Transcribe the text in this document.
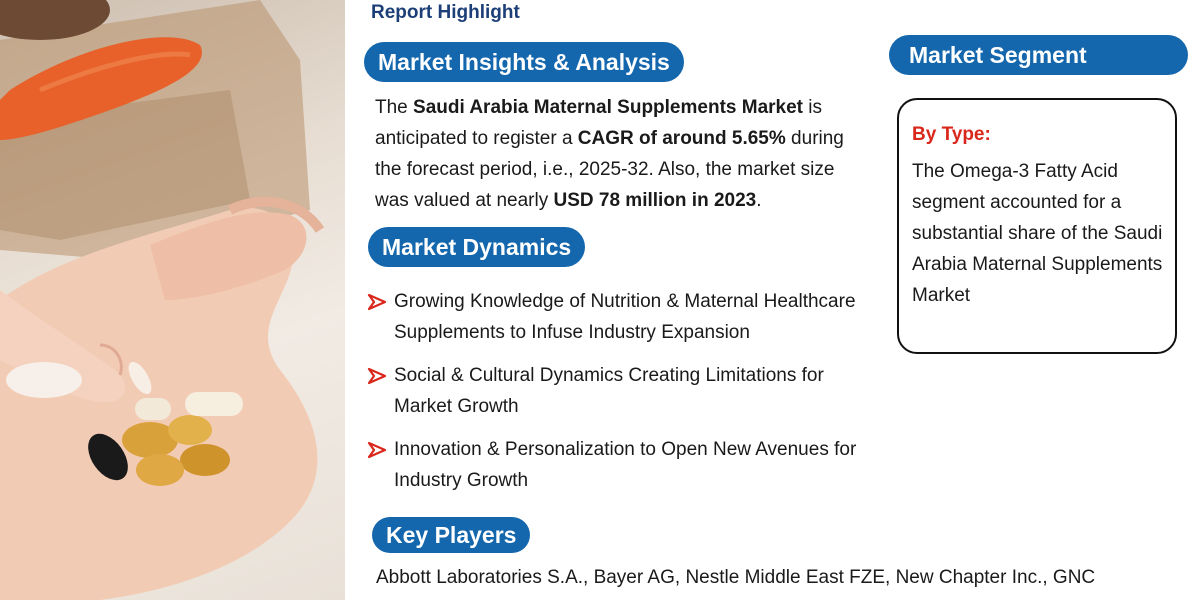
Report Highlight
Market Insights & Analysis
The Saudi Arabia Maternal Supplements Market is anticipated to register a CAGR of around 5.65% during the forecast period, i.e., 2025-32. Also, the market size was valued at nearly USD 78 million in 2023.
Market Dynamics
Growing Knowledge of Nutrition & Maternal Healthcare Supplements to Infuse Industry Expansion
Social & Cultural Dynamics Creating Limitations for Market Growth
Innovation & Personalization to Open New Avenues for Industry Growth
Market Segment
By Type:
The Omega-3 Fatty Acid segment accounted for a substantial share of the Saudi Arabia Maternal Supplements Market
Key Players
Abbott Laboratories S.A., Bayer AG, Nestle Middle East FZE, New Chapter Inc., GNC
